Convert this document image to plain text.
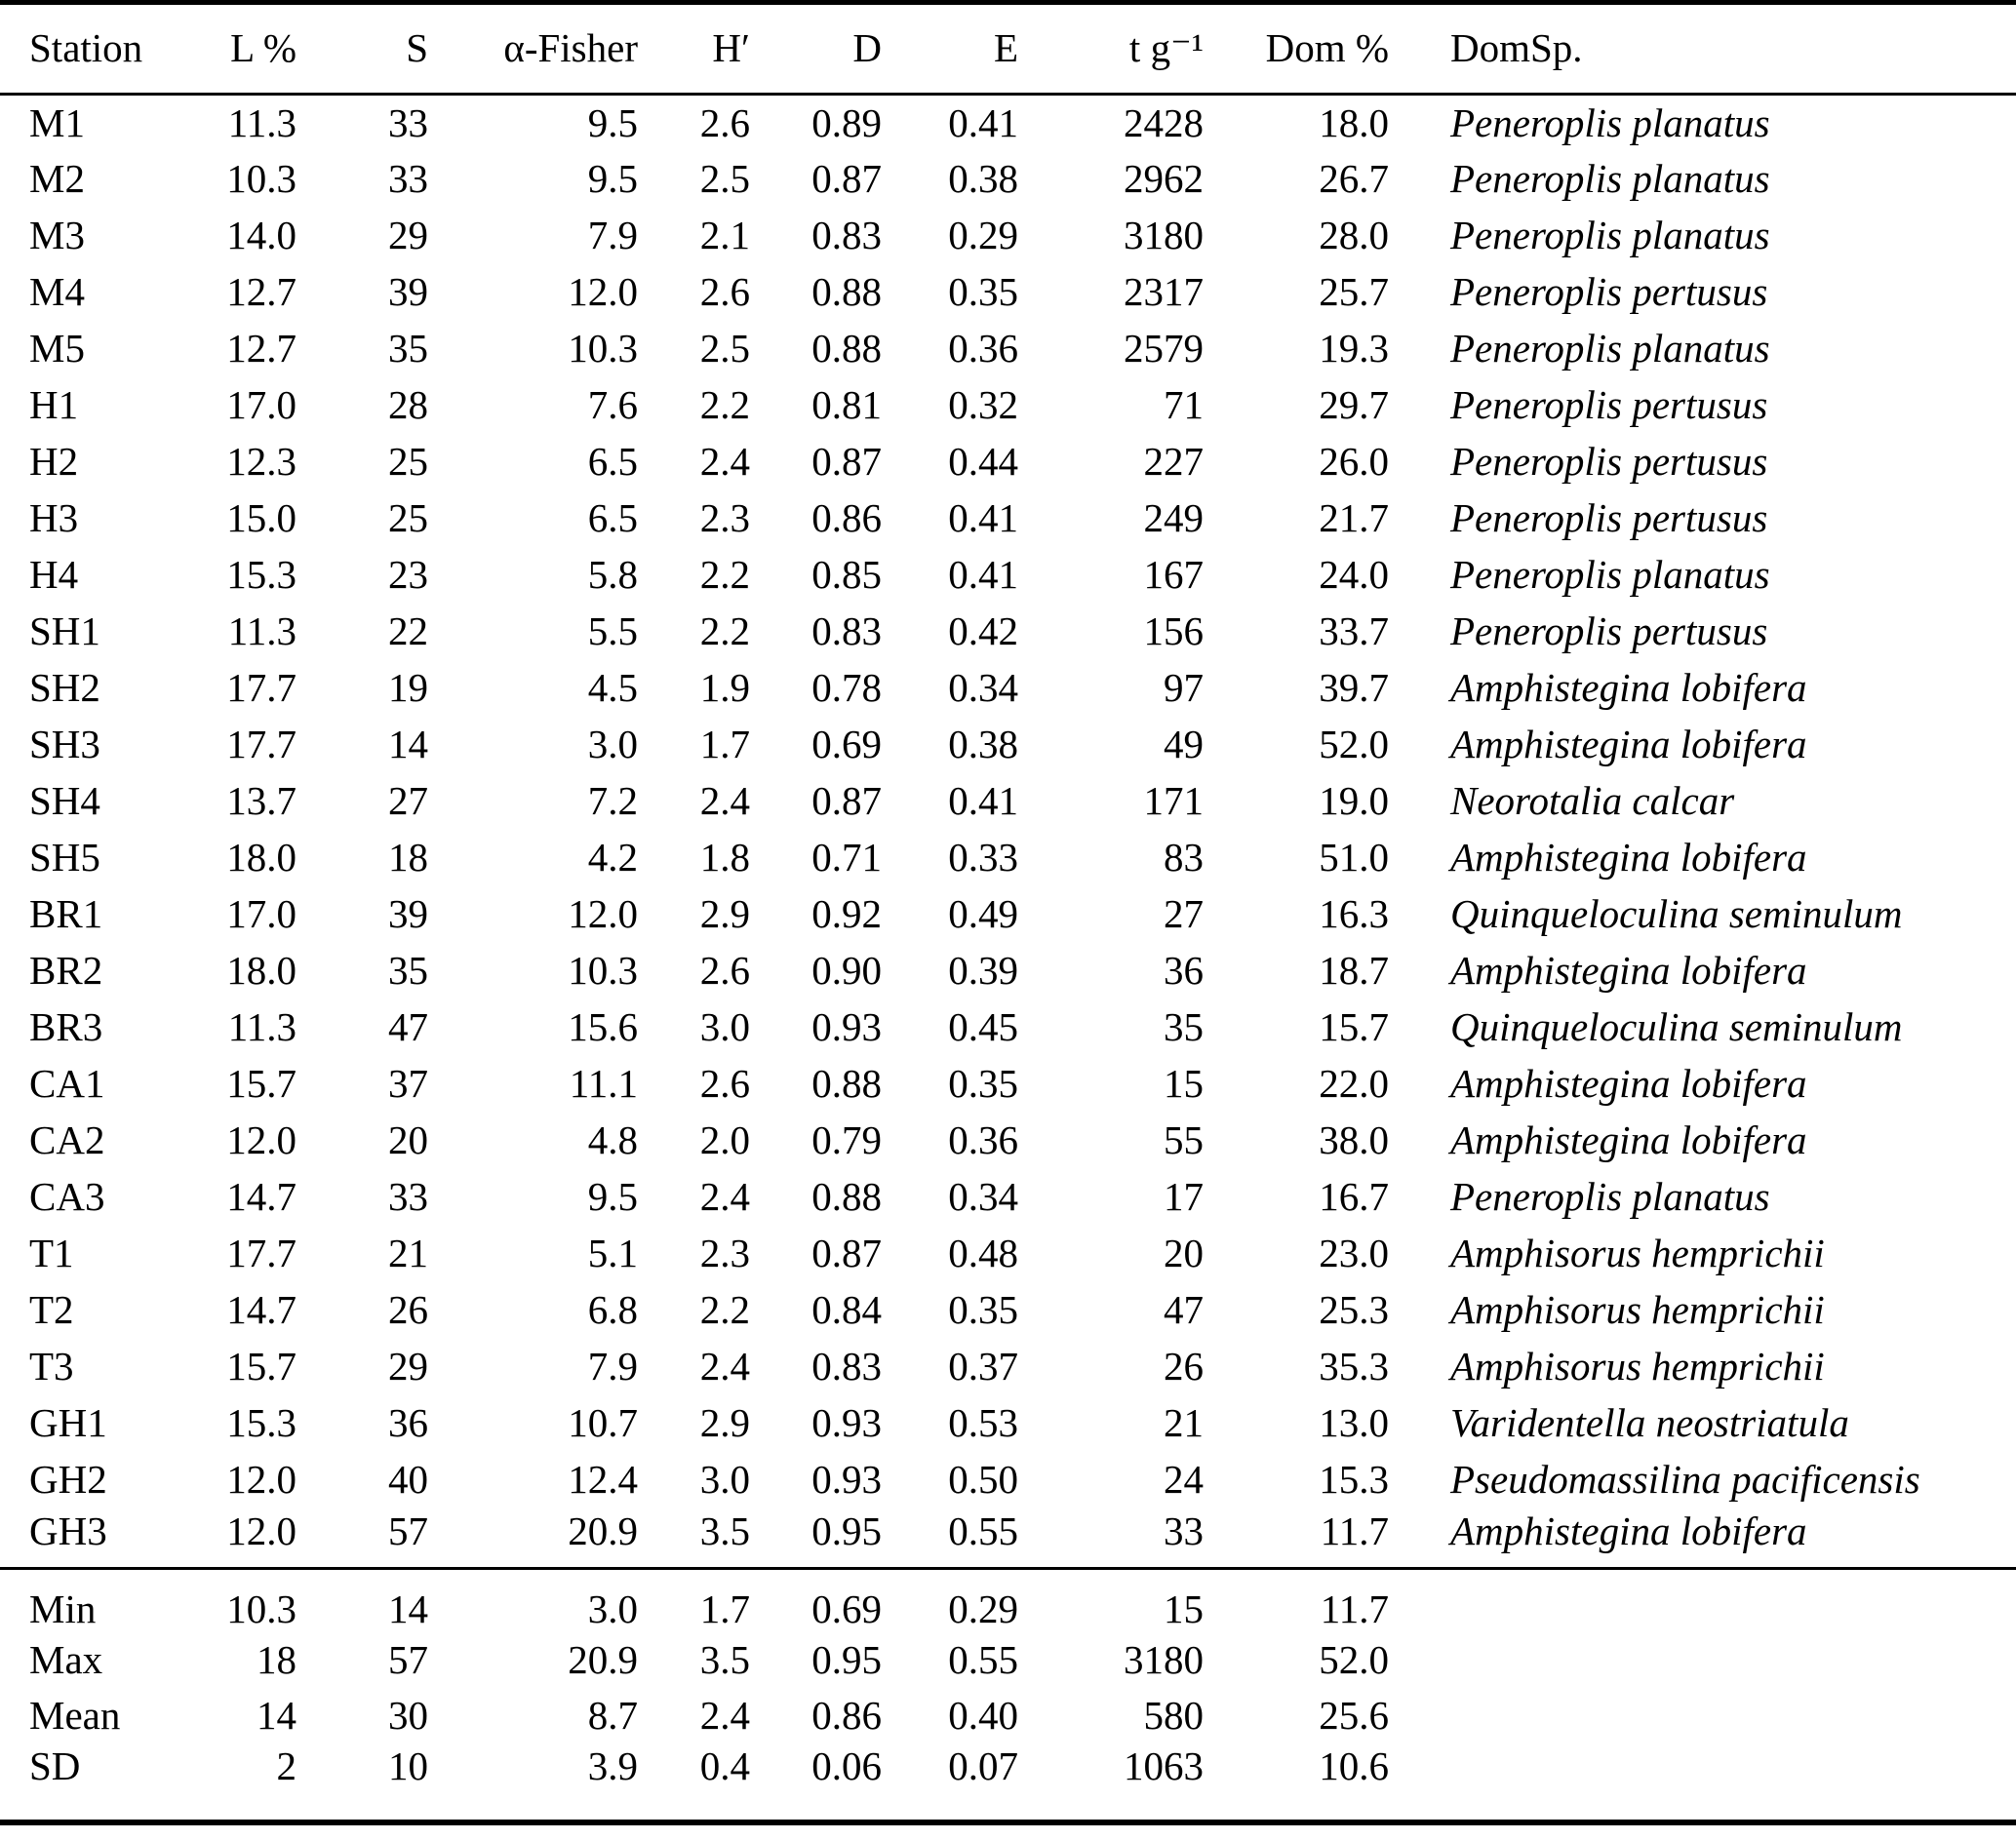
Station	L %	S	α-Fisher	H′	D	E	t g⁻¹	Dom %	DomSp.
M1	11.3	33	9.5	2.6	0.89	0.41	2428	18.0	Peneroplis planatus
M2	10.3	33	9.5	2.5	0.87	0.38	2962	26.7	Peneroplis planatus
M3	14.0	29	7.9	2.1	0.83	0.29	3180	28.0	Peneroplis planatus
M4	12.7	39	12.0	2.6	0.88	0.35	2317	25.7	Peneroplis pertusus
M5	12.7	35	10.3	2.5	0.88	0.36	2579	19.3	Peneroplis planatus
H1	17.0	28	7.6	2.2	0.81	0.32	71	29.7	Peneroplis pertusus
H2	12.3	25	6.5	2.4	0.87	0.44	227	26.0	Peneroplis pertusus
H3	15.0	25	6.5	2.3	0.86	0.41	249	21.7	Peneroplis pertusus
H4	15.3	23	5.8	2.2	0.85	0.41	167	24.0	Peneroplis planatus
SH1	11.3	22	5.5	2.2	0.83	0.42	156	33.7	Peneroplis pertusus
SH2	17.7	19	4.5	1.9	0.78	0.34	97	39.7	Amphistegina lobifera
SH3	17.7	14	3.0	1.7	0.69	0.38	49	52.0	Amphistegina lobifera
SH4	13.7	27	7.2	2.4	0.87	0.41	171	19.0	Neorotalia calcar
SH5	18.0	18	4.2	1.8	0.71	0.33	83	51.0	Amphistegina lobifera
BR1	17.0	39	12.0	2.9	0.92	0.49	27	16.3	Quinqueloculina seminulum
BR2	18.0	35	10.3	2.6	0.90	0.39	36	18.7	Amphistegina lobifera
BR3	11.3	47	15.6	3.0	0.93	0.45	35	15.7	Quinqueloculina seminulum
CA1	15.7	37	11.1	2.6	0.88	0.35	15	22.0	Amphistegina lobifera
CA2	12.0	20	4.8	2.0	0.79	0.36	55	38.0	Amphistegina lobifera
CA3	14.7	33	9.5	2.4	0.88	0.34	17	16.7	Peneroplis planatus
T1	17.7	21	5.1	2.3	0.87	0.48	20	23.0	Amphisorus hemprichii
T2	14.7	26	6.8	2.2	0.84	0.35	47	25.3	Amphisorus hemprichii
T3	15.7	29	7.9	2.4	0.83	0.37	26	35.3	Amphisorus hemprichii
GH1	15.3	36	10.7	2.9	0.93	0.53	21	13.0	Varidentella neostriatula
GH2	12.0	40	12.4	3.0	0.93	0.50	24	15.3	Pseudomassilina pacificensis
GH3	12.0	57	20.9	3.5	0.95	0.55	33	11.7	Amphistegina lobifera
Min	10.3	14	3.0	1.7	0.69	0.29	15	11.7	
Max	18	57	20.9	3.5	0.95	0.55	3180	52.0	
Mean	14	30	8.7	2.4	0.86	0.40	580	25.6	
SD	2	10	3.9	0.4	0.06	0.07	1063	10.6	
